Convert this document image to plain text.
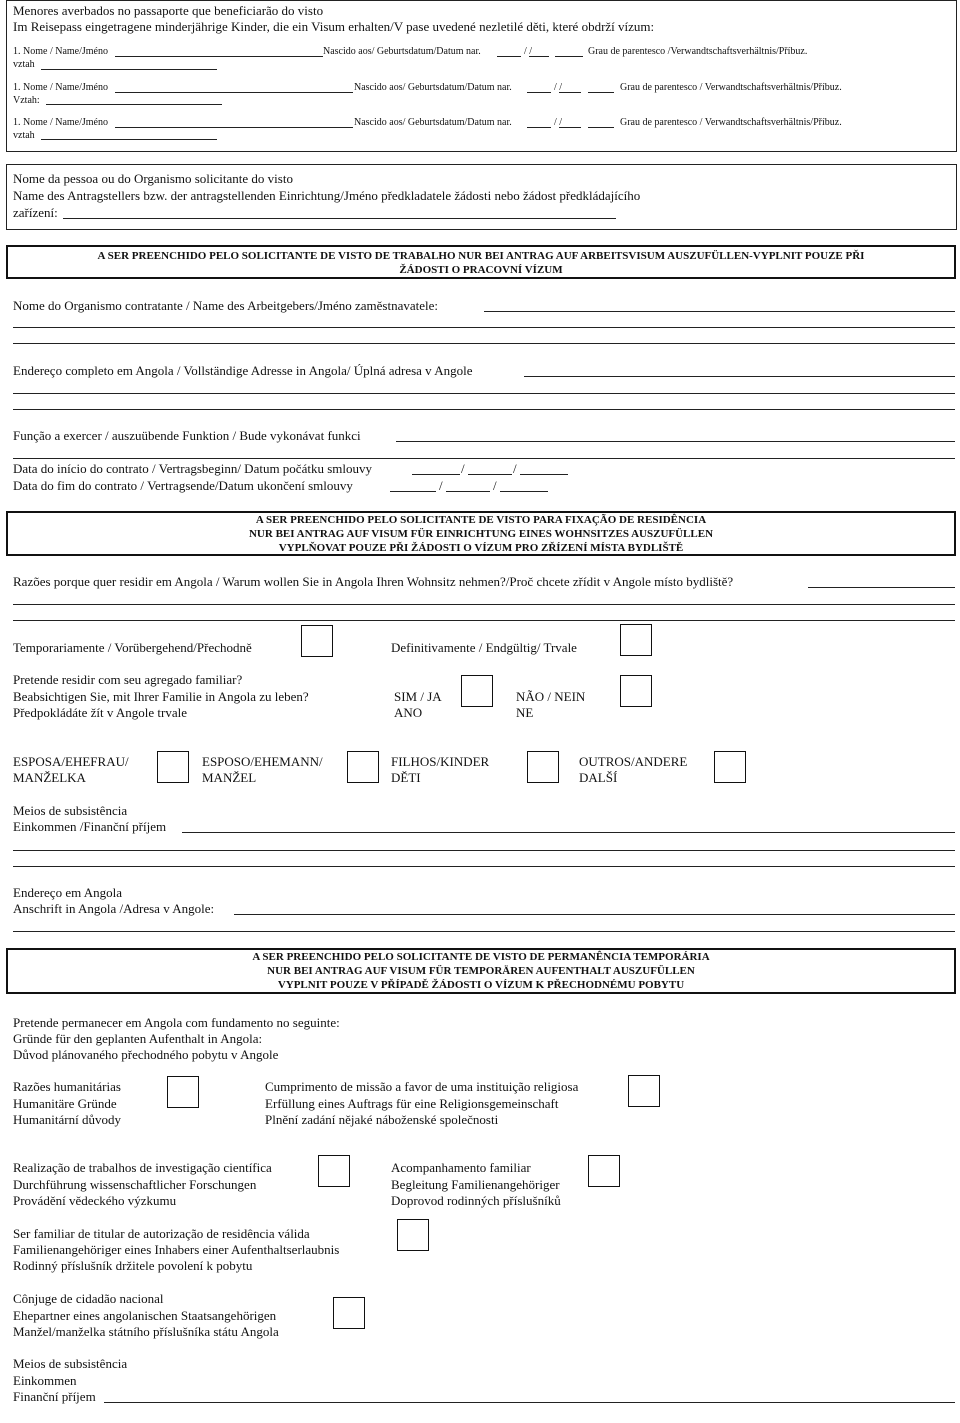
Menores averbados no passaporte que beneficiarão do visto
Im Reisepass eingetragene minderjährige Kinder, die ein Visum erhalten/V pase uvedené nezletilé děti, které obdrží vízum:
1. Nome / Name/Jméno	Nascido aos/ Geburtsdatum/Datum nar.	/ /	Grau de parentesco /Verwandtschaftsverhältnis/Příbuz.
vztah
1. Nome / Name/Jméno	Nascido aos/ Geburtsdatum/Datum nar.	/ /	Grau de parentesco / Verwandtschaftsverhältnis/Příbuz.
Vztah:
1. Nome / Name/Jméno	Nascido aos/ Geburtsdatum/Datum nar.	/ /	Grau de parentesco / Verwandtschaftsverhältnis/Příbuz.
vztah
Nome da pessoa ou do Organismo solicitante do visto
Name des Antragstellers bzw. der antragstellenden Einrichtung/Jméno předkladatele žádosti nebo žádost předkládajícího
zařízení:
A SER PREENCHIDO PELO SOLICITANTE DE VISTO DE TRABALHO NUR BEI ANTRAG AUF ARBEITSVISUM AUSZUFÜLLEN-VYPLNIT POUZE PŘI
ŽÁDOSTI O PRACOVNÍ VÍZUM
Nome do Organismo contratante / Name des Arbeitgebers/Jméno zaměstnavatele:
Endereço completo em Angola / Vollständige Adresse in Angola/ Úplná adresa v Angole
Função a exercer / auszuübende Funktion / Bude vykonávat funkci
Data do início do contrato / Vertragsbeginn/ Datum počátku smlouvy	/	/
Data do fim do contrato / Vertragsende/Datum ukončení smlouvy	/	/
A SER PREENCHIDO PELO SOLICITANTE DE VISTO PARA FIXAÇÃO DE RESIDÊNCIA
NUR BEI ANTRAG AUF VISUM FÜR EINRICHTUNG EINES WOHNSITZES AUSZUFÜLLEN
VYPLŇOVAT POUZE PŘI ŽÁDOSTI O VÍZUM PRO ZŘÍZENÍ MÍSTA BYDLIŠTĚ
Razões porque quer residir em Angola / Warum wollen Sie in Angola Ihren Wohnsitz nehmen?/Proč chcete zřídit v Angole místo bydliště?
Temporariamente / Vorübergehend/Přechodně	Definitivamente / Endgültig/ Trvale
Pretende residir com seu agregado familiar?
Beabsichtigen Sie, mit Ihrer Familie in Angola zu leben?
Předpokládáte žít v Angole trvale
SIM / JA
ANO
NÃO / NEIN
NE
ESPOSA/EHEFRAU/
MANŽELKA
ESPOSO/EHEMANN/
MANŽEL
FILHOS/KINDER
DĚTI
OUTROS/ANDERE
DALŠÍ
Meios de subsistência
Einkommen /Finanční příjem
Endereço em Angola
Anschrift in Angola /Adresa v Angole:
A SER PREENCHIDO PELO SOLICITANTE DE VISTO DE PERMANÊNCIA TEMPORÁRIA
NUR BEI ANTRAG AUF VISUM FÜR TEMPORÄREN AUFENTHALT AUSZUFÜLLEN
VYPLNIT POUZE V PŘÍPADĚ ŽÁDOSTI O VÍZUM K PŘECHODNÉMU POBYTU
Pretende permanecer em Angola com fundamento no seguinte:
Gründe für den geplanten Aufenthalt in Angola:
Důvod plánovaného přechodného pobytu v Angole
Razões humanitárias
Humanitäre Gründe
Humanitární důvody
Cumprimento de missão a favor de uma instituição religiosa
Erfüllung eines Auftrags für eine Religionsgemeinschaft
Plnění zadání nějaké náboženské společnosti
Realização de trabalhos de investigação científica
Durchführung wissenschaftlicher Forschungen
Provádění vědeckého výzkumu
Acompanhamento familiar
Begleitung Familienangehöriger
Doprovod rodinných příslušníků
Ser familiar de titular de autorização de residência válida
Familienangehöriger eines Inhabers einer Aufenthaltserlaubnis
Rodinný příslušník držitele povolení k pobytu
Cônjuge de cidadão nacional
Ehepartner eines angolanischen Staatsangehörigen
Manžel/manželka státního příslušníka státu Angola
Meios de subsistência
Einkommen
Finanční příjem
